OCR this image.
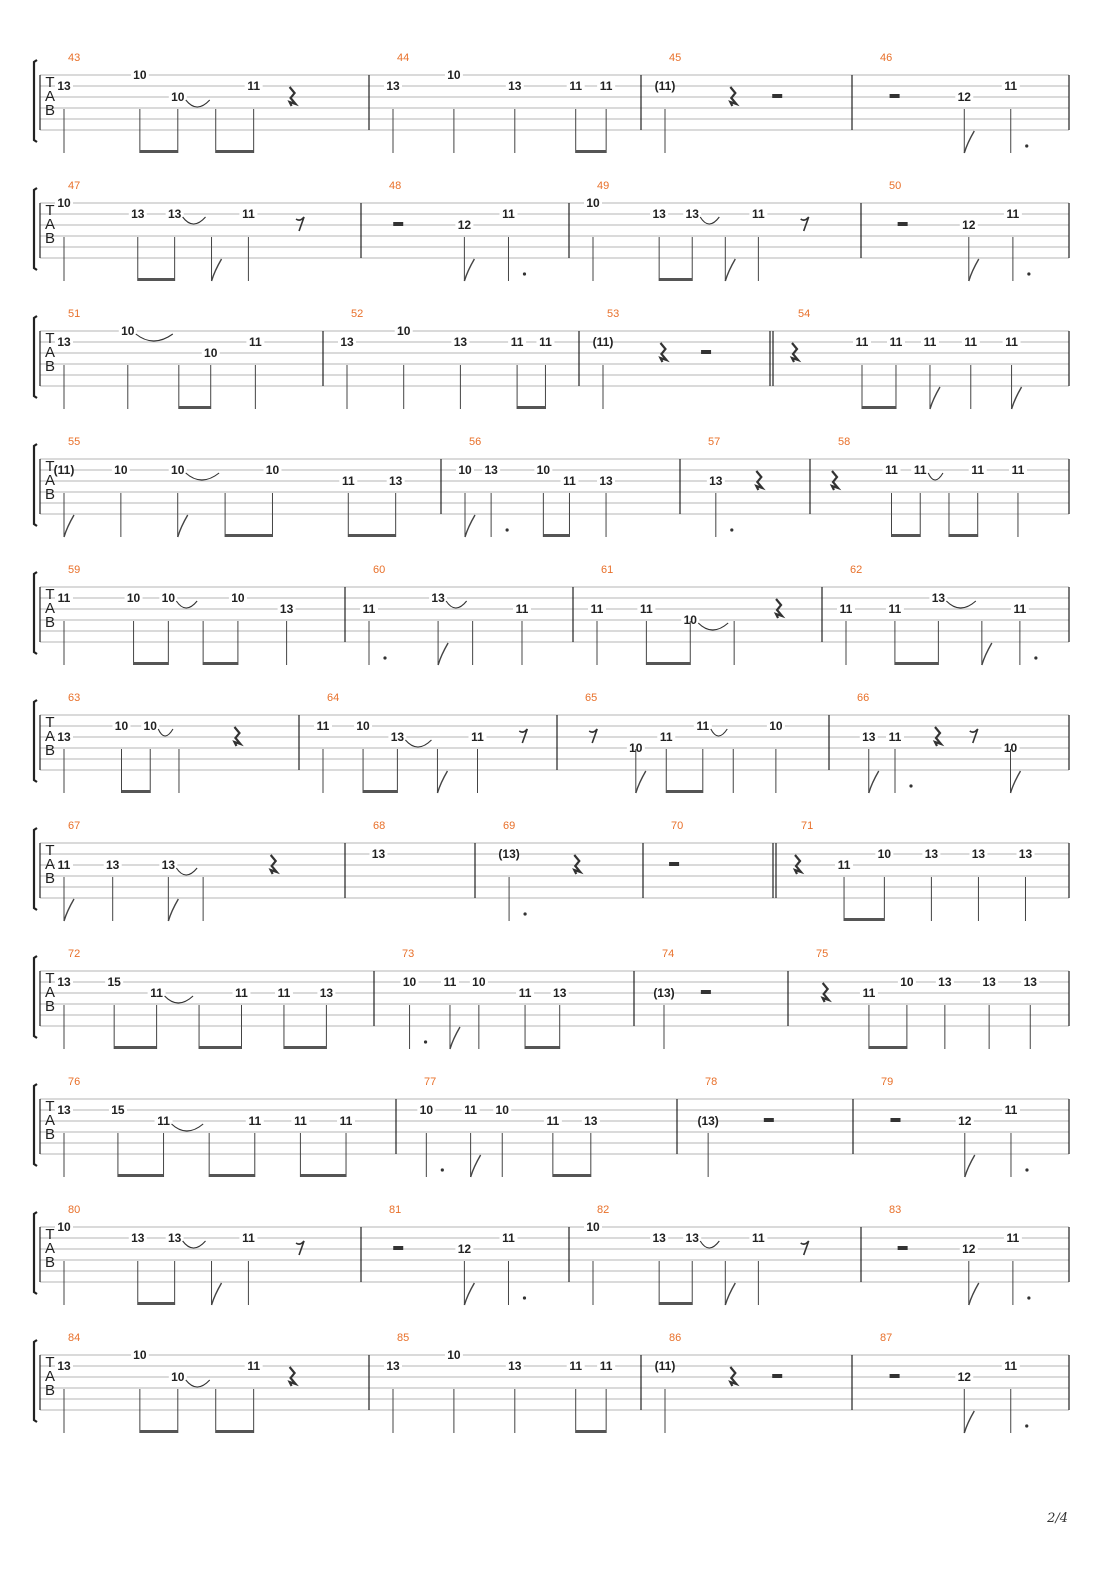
T
A
B
43
13
10
10
11
44
13
10
13	11 11
45
(11)
46
12
11
T
A
B
47
10
13 13	11
48
12
11
49
10
13 13	11
50
12
11
T
A
B
51
13
10
10
11
52
13
10
13	11 11
53
(11)
54
11 11 11 11 11
T
A
B
55
(11)	10	10	10
11	13
56
10 13	10
11 13
57
13
58
11 11	11 11
T
A
B
59
11	10 10	10
13
60
11
13
11
61
11	11
10
62
11	11
13
11
T
A
B
63
13
10 10
64
11 10
13	11
65
10
11
11	10
66
13 11
10
T
A
B
67
11	13	13
68
13
69
(13)
70	71
11
10	13	13	13
T
A
B
72
13	15
11	11 11 13
73
10 11 10
11 13
74
(13)
75
11
10 13	13 13
T
A
B
76
13	15
11	11	11	11
77
10	11 10
11 13
78
(13)
79
12
11
T
A
B
80
10
13 13	11
81
12
11
82
10
13 13	11
83
12
11
T
A
B
84
13
10
10
11
85
13
10
13	11 11
86
(11)
87
12
11
2/4
